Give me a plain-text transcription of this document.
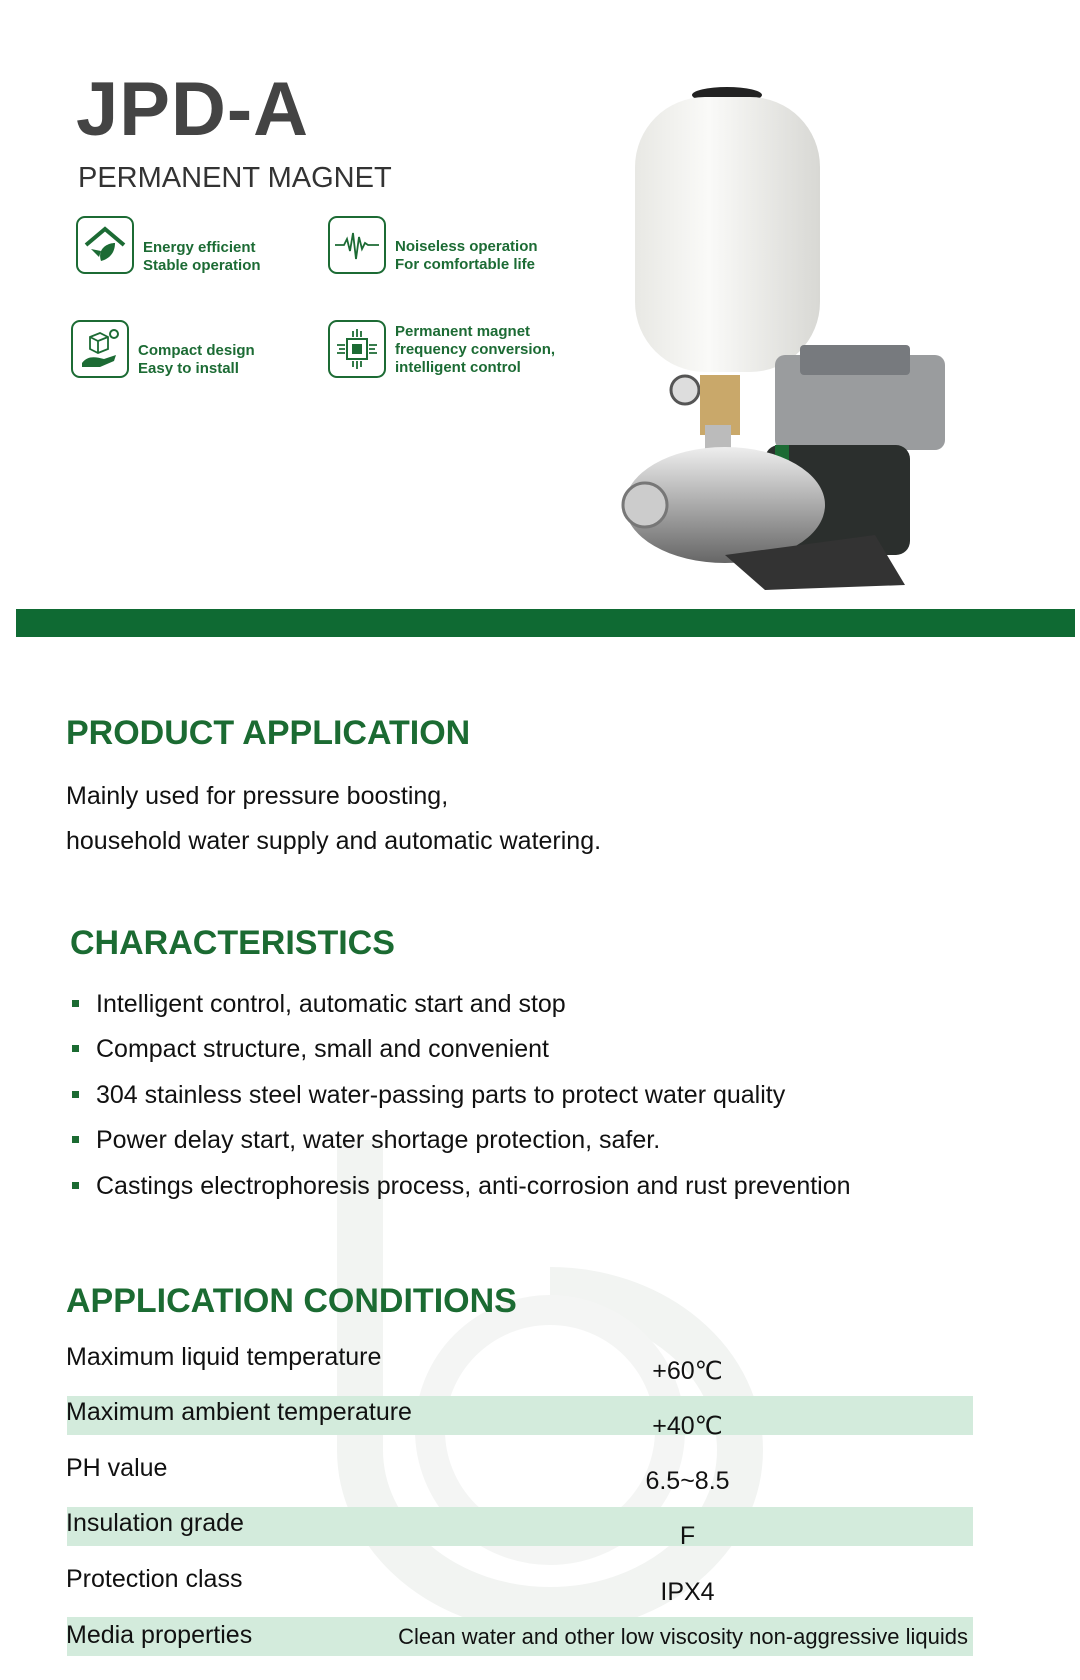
JPD-A
PERMANENT MAGNET
Energy efficient
Stable operation
Noiseless operation
For comfortable life
Compact design
Easy to install
Permanent magnet
frequency conversion,
intelligent control
PRODUCT APPLICATION
Mainly used for pressure boosting,
household water supply and automatic watering.
CHARACTERISTICS
Intelligent control, automatic start and stop
Compact structure, small and convenient
304 stainless steel water-passing parts to protect water quality
Power delay start, water shortage protection, safer.
Castings electrophoresis process, anti-corrosion and rust prevention
APPLICATION CONDITIONS
Maximum liquid temperature	+60℃
Maximum ambient temperature	+40℃
PH value	6.5~8.5
Insulation grade	F
Protection class	IPX4
Media properties	Clean water and other low viscosity non-aggressive liquids
